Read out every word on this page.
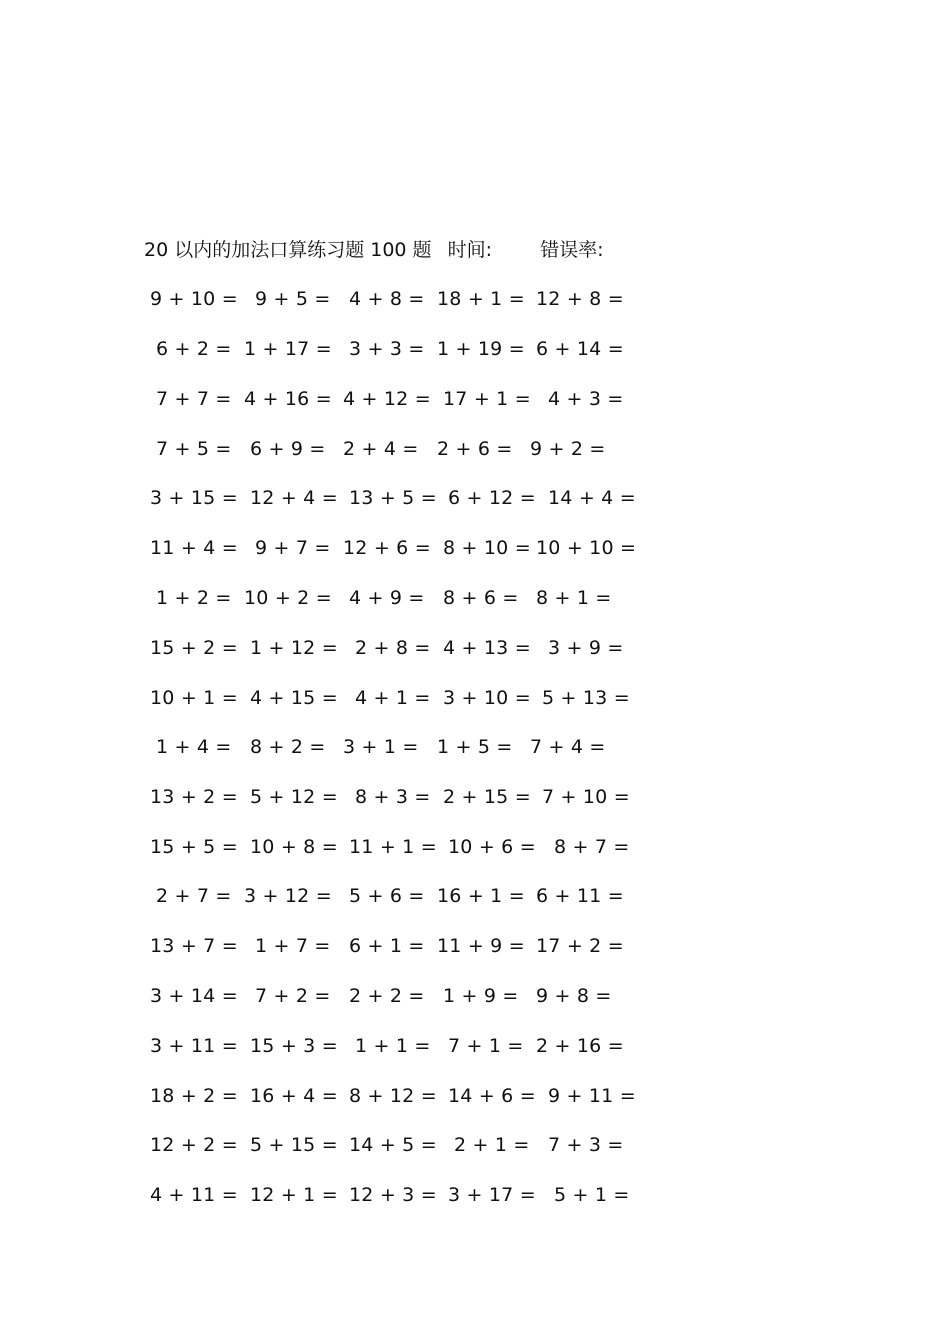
20 以内的加法口算练习题 100 题 时间:	错误率:
9 + 10 = 9 + 5 = 4 + 8 = 18 + 1 = 12 + 8 =
6 + 2 = 1 + 17 = 3 + 3 = 1 + 19 = 6 + 14 =
7 + 7 = 4 + 16 = 4 + 12 = 17 + 1 = 4 + 3 =
7 + 5 = 6 + 9 = 2 + 4 = 2 + 6 = 9 + 2 =
3 + 15 = 12 + 4 = 13 + 5 = 6 + 12 = 14 + 4 =
11 + 4 = 9 + 7 = 12 + 6 = 8 + 10 = 10 + 10 =
1 + 2 = 10 + 2 = 4 + 9 = 8 + 6 = 8 + 1 =
15 + 2 = 1 + 12 = 2 + 8 = 4 + 13 = 3 + 9 =
10 + 1 = 4 + 15 = 4 + 1 = 3 + 10 = 5 + 13 =
1 + 4 = 8 + 2 = 3 + 1 = 1 + 5 = 7 + 4 =
13 + 2 = 5 + 12 = 8 + 3 = 2 + 15 = 7 + 10 =
15 + 5 = 10 + 8 = 11 + 1 = 10 + 6 = 8 + 7 =
2 + 7 = 3 + 12 = 5 + 6 = 16 + 1 = 6 + 11 =
13 + 7 = 1 + 7 = 6 + 1 = 11 + 9 = 17 + 2 =
3 + 14 = 7 + 2 = 2 + 2 = 1 + 9 = 9 + 8 =
3 + 11 = 15 + 3 = 1 + 1 = 7 + 1 = 2 + 16 =
18 + 2 = 16 + 4 = 8 + 12 = 14 + 6 = 9 + 11 =
12 + 2 = 5 + 15 = 14 + 5 = 2 + 1 = 7 + 3 =
4 + 11 = 12 + 1 = 12 + 3 = 3 + 17 = 5 + 1 =
